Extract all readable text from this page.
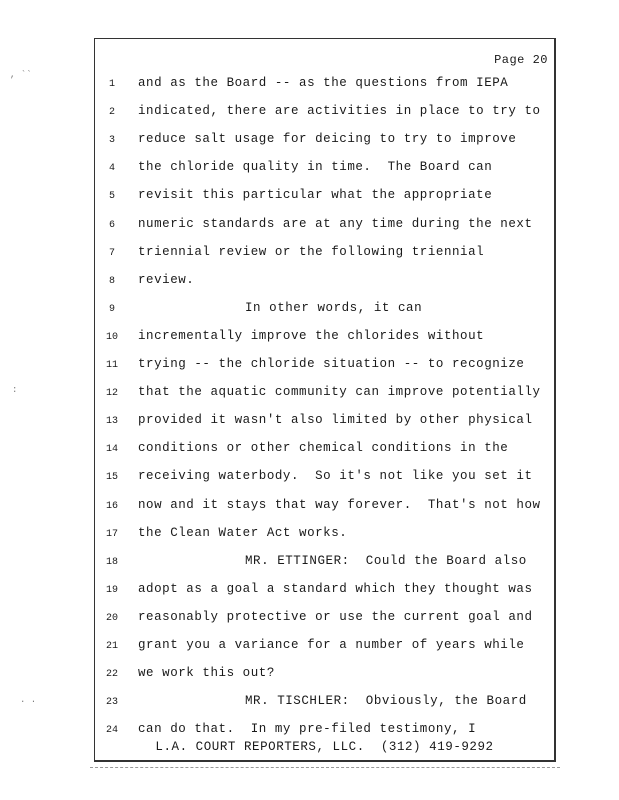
Page 20
1	and as the Board -- as the questions from IEPA
2	indicated, there are activities in place to try to
3	reduce salt usage for deicing to try to improve
4	the chloride quality in time.  The Board can
5	revisit this particular what the appropriate
6	numeric standards are at any time during the next
7	triennial review or the following triennial
8	review.
9	In other words, it can
10 incrementally improve the chlorides without
11 trying -- the chloride situation -- to recognize
12 that the aquatic community can improve potentially
13 provided it wasn't also limited by other physical
14 conditions or other chemical conditions in the
15 receiving waterbody.  So it's not like you set it
16 now and it stays that way forever.  That's not how
17 the Clean Water Act works.
18	MR. ETTINGER:  Could the Board also
19 adopt as a goal a standard which they thought was
20 reasonably protective or use the current goal and
21 grant you a variance for a number of years while
22 we work this out?
23	MR. TISCHLER:  Obviously, the Board
24 can do that.  In my pre-filed testimony, I
L.A. COURT REPORTERS, LLC.  (312) 419-9292
, ``
:
. .
